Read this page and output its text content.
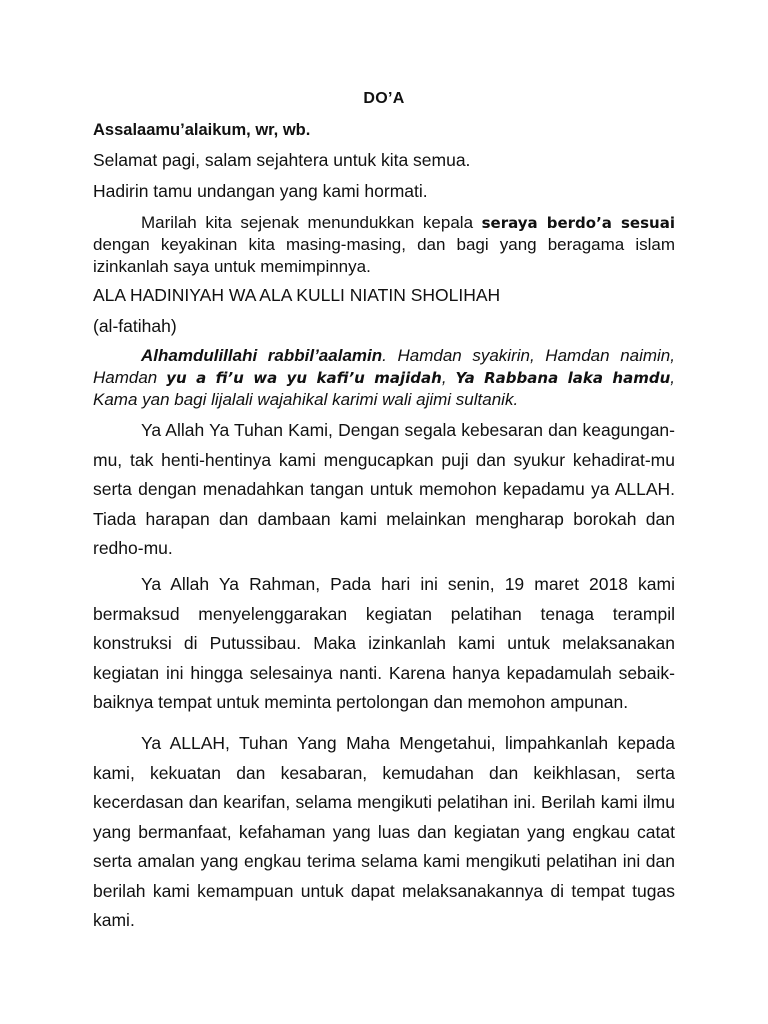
DO’A
Assalaamu’alaikum, wr, wb.
Selamat pagi, salam sejahtera untuk kita semua.
Hadirin tamu undangan yang kami hormati.
Marilah kita sejenak menundukkan kepala seraya berdo’a sesuai dengan keyakinan kita masing-masing, dan bagi yang beragama islam izinkanlah saya untuk memimpinnya.
ALA HADINIYAH WA ALA KULLI NIATIN SHOLIHAH
(al-fatihah)
Alhamdulillahi rabbil’aalamin. Hamdan syakirin, Hamdan naimin, Hamdan yu a fi’u wa yu kafi’u majidah, Ya Rabbana laka hamdu, Kama yan bagi lijalali wajahikal karimi wali ajimi sultanik.
Ya Allah Ya Tuhan Kami, Dengan segala kebesaran dan keagungan-mu, tak henti-hentinya kami mengucapkan puji dan syukur kehadirat-mu serta dengan menadahkan tangan untuk memohon kepadamu ya ALLAH. Tiada harapan dan dambaan kami melainkan mengharap borokah dan redho-mu.
Ya Allah Ya Rahman, Pada hari ini senin, 19 maret 2018 kami bermaksud menyelenggarakan kegiatan pelatihan tenaga terampil konstruksi di Putussibau. Maka izinkanlah kami untuk melaksanakan kegiatan ini hingga selesainya nanti. Karena hanya kepadamulah sebaik-baiknya tempat untuk meminta pertolongan dan memohon ampunan.
Ya ALLAH, Tuhan Yang Maha Mengetahui, limpahkanlah kepada kami, kekuatan dan kesabaran, kemudahan dan keikhlasan, serta kecerdasan dan kearifan, selama mengikuti pelatihan ini. Berilah kami ilmu yang bermanfaat, kefahaman yang luas dan kegiatan yang engkau catat serta amalan yang engkau terima selama kami mengikuti pelatihan ini dan berilah kami kemampuan untuk dapat melaksanakannya di tempat tugas kami.
